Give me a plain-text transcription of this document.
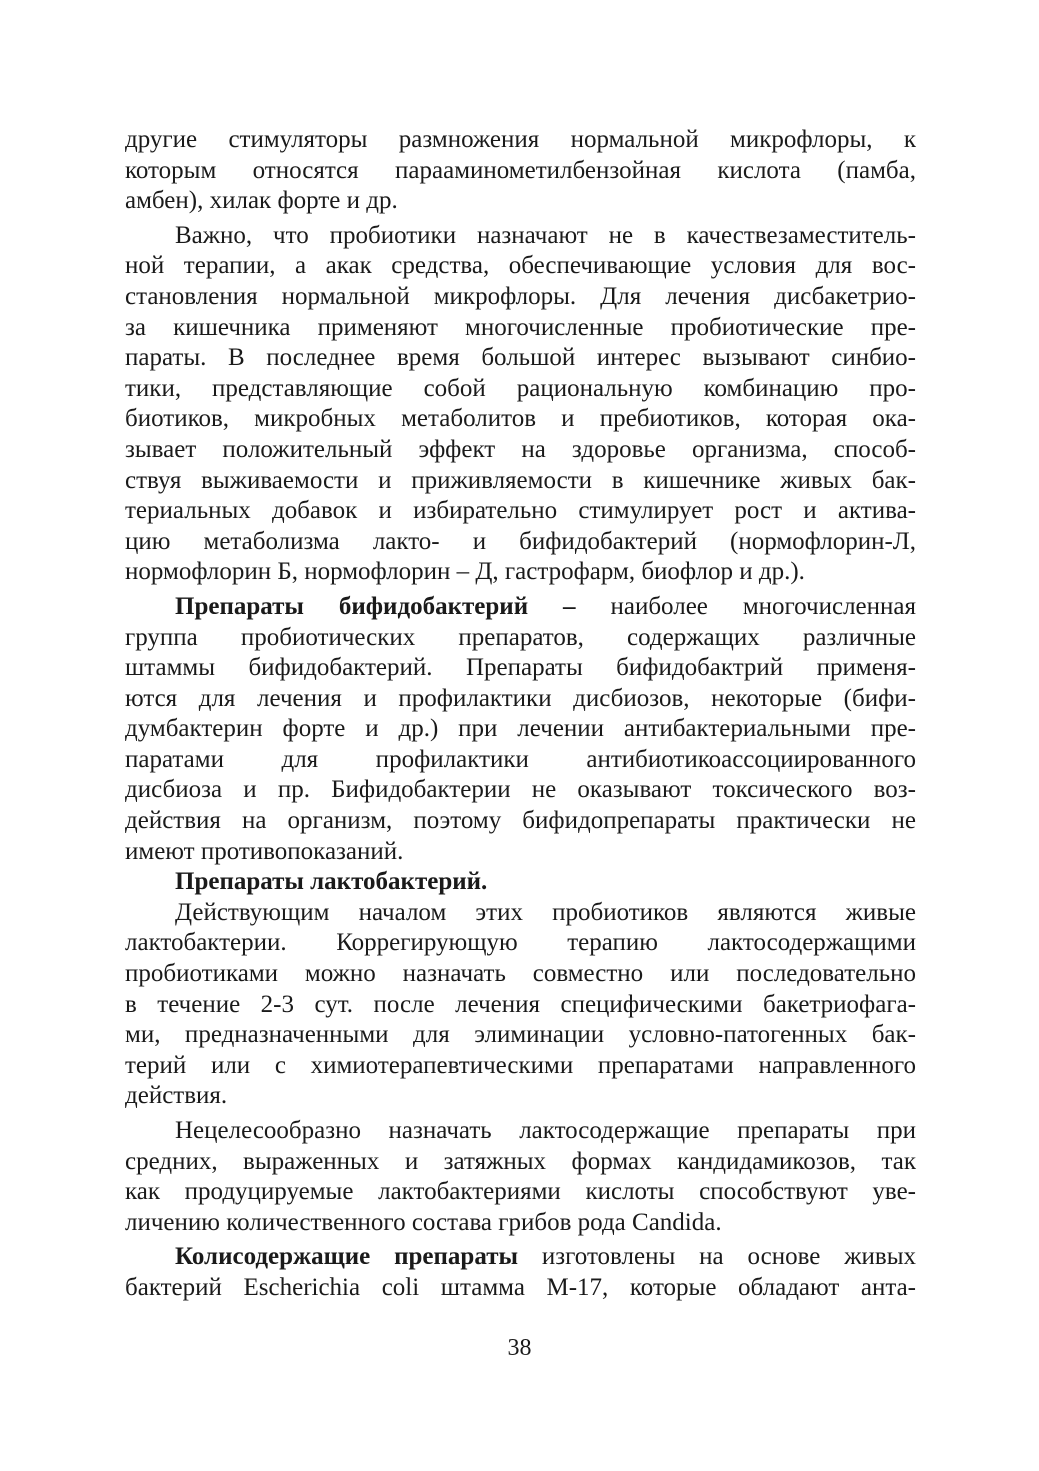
другие стимуляторы размножения нормальной микрофлоры, к
которым относятся парааминометилбензойная кислота (памба,
амбен), хилак форте и др.

Важно, что пробиотики назначают не в качествезаместитель-
ной терапии, а акак средства, обеспечивающие условия для вос-
становления нормальной микрофлоры. Для лечения дисбакетрио-
за кишечника применяют многочисленные пробиотические пре-
параты. В последнее время большой интерес вызывают синбио-
тики, представляющие собой рациональную комбинацию про-
биотиков, микробных метаболитов и пребиотиков, которая ока-
зывает положительный эффект на здоровье организма, способ-
ствуя выживаемости и приживляемости в кишечнике живых бак-
териальных добавок и избирательно стимулирует рост и актива-
цию метаболизма лакто- и бифидобактерий (нормофлорин-Л,
нормофлорин Б, нормофлорин – Д, гастрофарм, биофлор и др.).

Препараты бифидобактерий – наиболее многочисленная
группа пробиотических препаратов, содержащих различные
штаммы бифидобактерий. Препараты бифидобактрий применя-
ются для лечения и профилактики дисбиозов, некоторые (бифи-
думбактерин форте и др.) при лечении антибактериальными пре-
паратами для профилактики антибиотикоассоциированного
дисбиоза и пр. Бифидобактерии не оказывают токсического воз-
действия на организм, поэтому бифидопрепараты практически не
имеют противопоказаний.

Препараты лактобактерий.

Действующим началом этих пробиотиков являются живые
лактобактерии. Коррегирующую терапию лактосодержащими
пробиотиками можно назначать совместно или последовательно
в течение 2-3 сут. после лечения специфическими бакетриофага-
ми, предназначенными для элиминации условно-патогенных бак-
терий или с химиотерапевтическими препаратами направленного
действия.

Нецелесообразно назначать лактосодержащие препараты при
средних, выраженных и затяжных формах кандидамикозов, так
как продуцируемые лактобактериями кислоты способствуют уве-
личению количественного состава грибов рода Candida.

Колисодержащие препараты изготовлены на основе живых
бактерий Escherichia coli штамма М-17, которые обладают анта-

38
